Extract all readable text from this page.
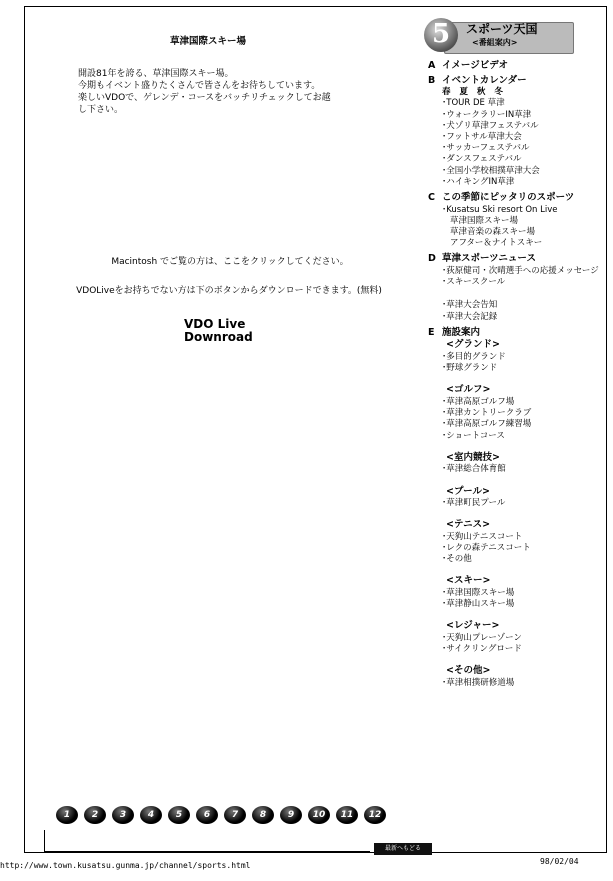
草津国際スキー場
開設81年を誇る、草津国際スキー場。
今期もイベント盛りたくさんで皆さんをお待ちしています。
楽しいVDOで、ゲレンデ・コースをバッチリチェックしてお越
し下さい。
Macintosh でご覧の方は、ここをクリックしてください。
VDOLiveをお持ちでない方は下のボタンからダウンロードできます。(無料)
VDO Live
Downroad
5	スポーツ天国
<番組案内>
A イメージビデオ
B イベントカレンダー
春 夏 秋 冬
･TOUR DE 草津
･ウォークラリーIN草津
･犬ゾリ草津フェステバル
･フットサル草津大会
･サッカーフェステバル
･ダンスフェステバル
･全国小学校相撲草津大会
･ハイキングIN草津
C この季節にピッタリのスポーツ
･Kusatsu Ski resort On Live
草津国際スキー場
草津音楽の森スキー場
アフター＆ナイトスキー
D 草津スポーツニュース
･荻原健司・次晴選手への応援メッセージ
･スキースクール
･草津大会告知
･草津大会記録
E 施設案内
<グランド>
･多目的グランド
･野球グランド
<ゴルフ>
･草津高原ゴルフ場
･草津カントリークラブ
･草津高原ゴルフ練習場
･ショートコース
<室内競技>
･草津総合体育館
<プール>
･草津町民プール
<テニス>
･天狗山テニスコート
･レクの森テニスコート
･その他
<スキー>
･草津国際スキー場
･草津静山スキー場
<レジャー>
･天狗山プレーゾーン
･サイクリングロード
<その他>
･草津相撲研修道場
1 2 3 4 5 6 7 8 9 10 11 12
最新へもどる
http://www.town.kusatsu.gunma.jp/channel/sports.html	98/02/04
